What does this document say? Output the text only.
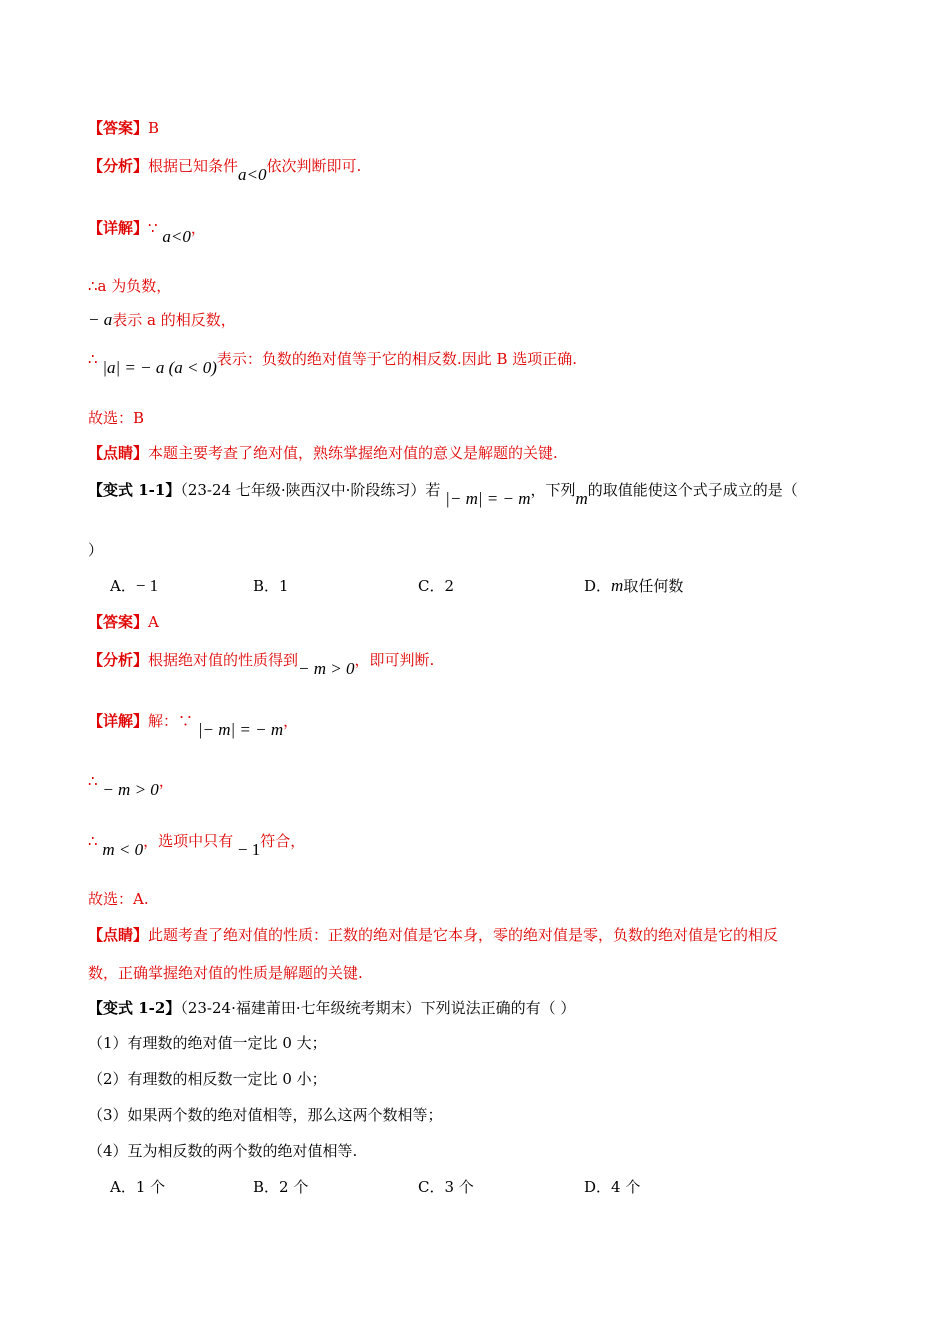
【答案】B
【分析】根据已知条件a<0依次判断即可.
【详解】∵ a<0，
∴a 为负数，
− a表示 a 的相反数，
∴ |a| = − a (a < 0)表示：负数的绝对值等于它的相反数.因此 B 选项正确.
故选：B
【点睛】本题主要考查了绝对值，熟练掌握绝对值的意义是解题的关键.
【变式 1-1】（23-24 七年级·陕西汉中·阶段练习）若 |− m| = − m，下列m的取值能使这个式子成立的是（
）
A．− 1	B．1	C．2	D．m取任何数
【答案】A
【分析】根据绝对值的性质得到− m > 0，即可判断.
【详解】解：∵ |− m| = − m，
∴ − m > 0，
∴ m < 0，选项中只有 − 1符合，
故选：A.
【点睛】此题考查了绝对值的性质：正数的绝对值是它本身，零的绝对值是零，负数的绝对值是它的相反
数，正确掌握绝对值的性质是解题的关键.
【变式 1-2】（23-24·福建莆田·七年级统考期末）下列说法正确的有（ ）
（1）有理数的绝对值一定比 0 大；
（2）有理数的相反数一定比 0 小；
（3）如果两个数的绝对值相等，那么这两个数相等；
（4）互为相反数的两个数的绝对值相等.
A．1 个	B．2 个	C．3 个	D．4 个
